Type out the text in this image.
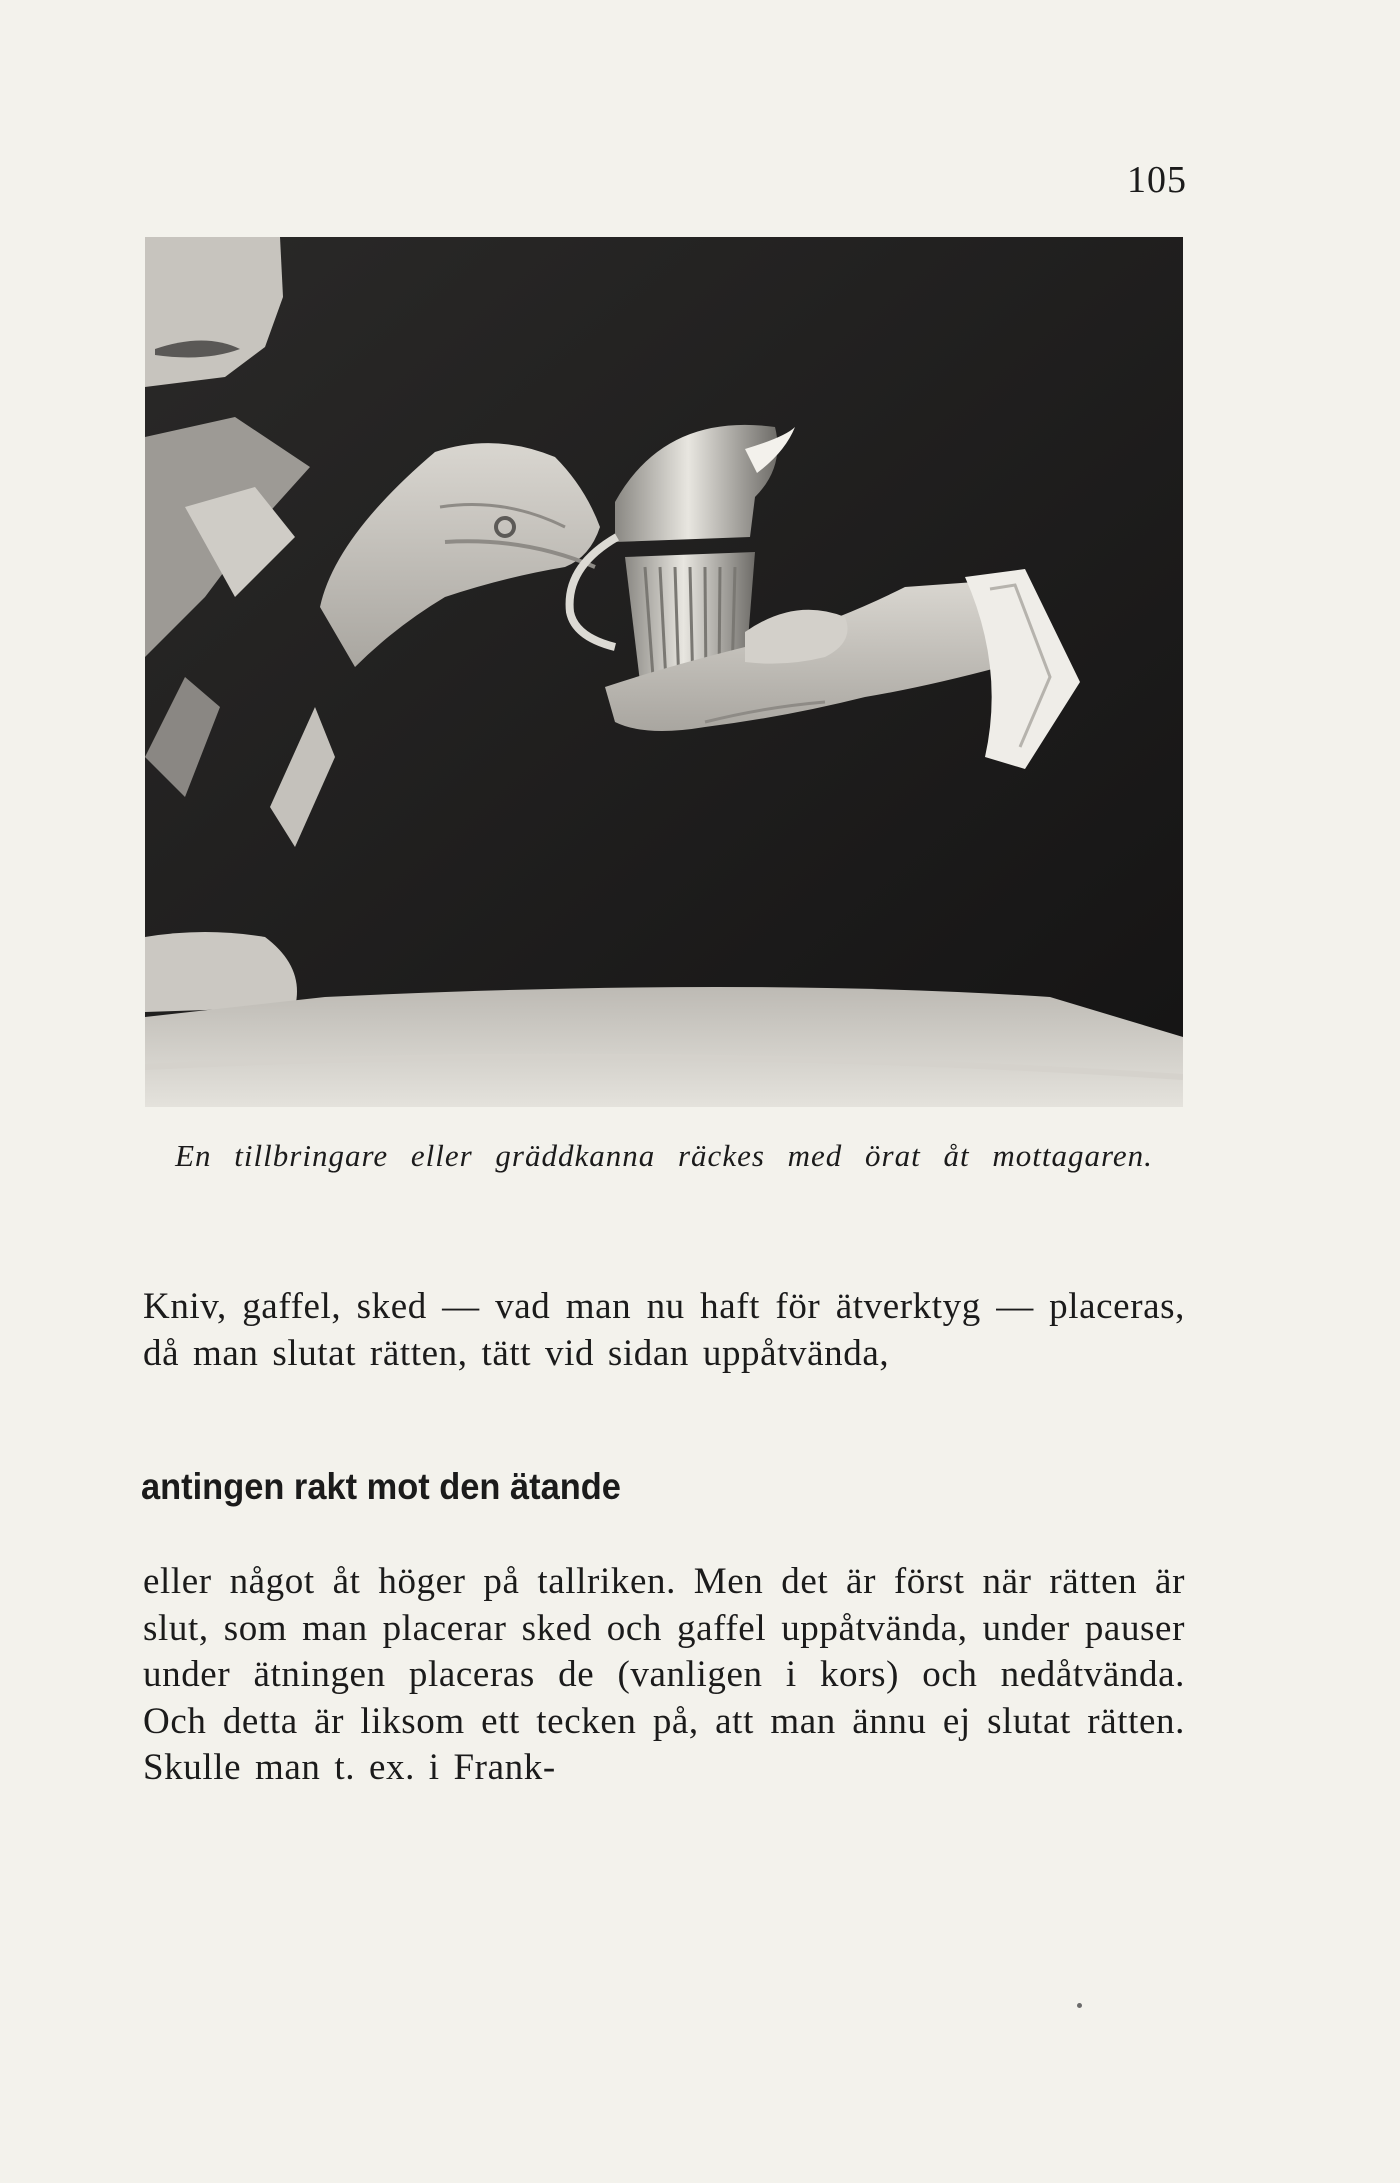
105
En tillbringare eller gräddkanna räckes med örat åt mottagaren.
Kniv, gaffel, sked — vad man nu haft för ätverktyg — placeras, då man slutat rätten, tätt vid sidan uppåtvända,
antingen rakt mot den ätande
eller något åt höger på tallriken. Men det är först när rätten är slut, som man placerar sked och gaffel uppåtvända, under pauser under ätningen placeras de (vanligen i kors) och nedåtvända. Och detta är liksom ett tecken på, att man ännu ej slutat rätten. Skulle man t. ex. i Frank-
